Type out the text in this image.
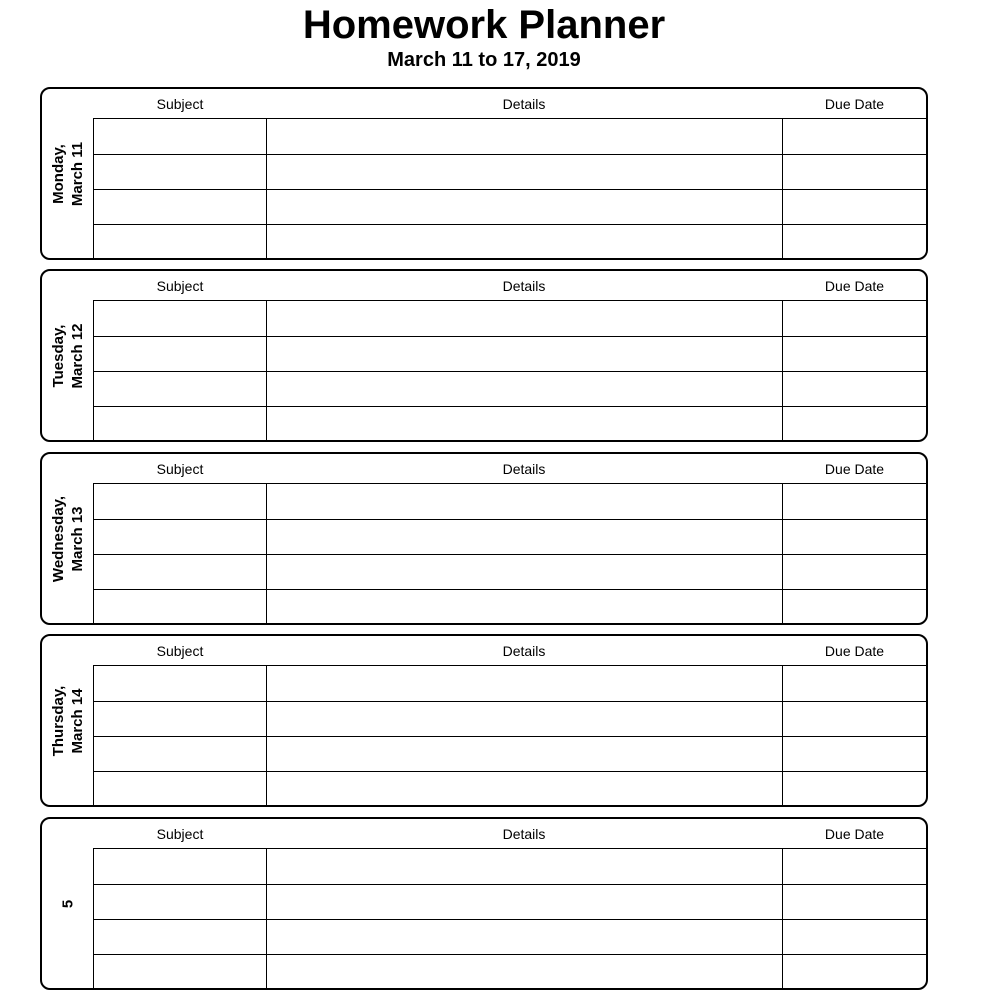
Homework Planner
March 11 to 17, 2019
Monday, March 11
Subject	Details	Due Date
Tuesday, March 12
Subject	Details	Due Date
Wednesday, March 13
Subject	Details	Due Date
Thursday, March 14
Subject	Details	Due Date
5
Subject	Details	Due Date
